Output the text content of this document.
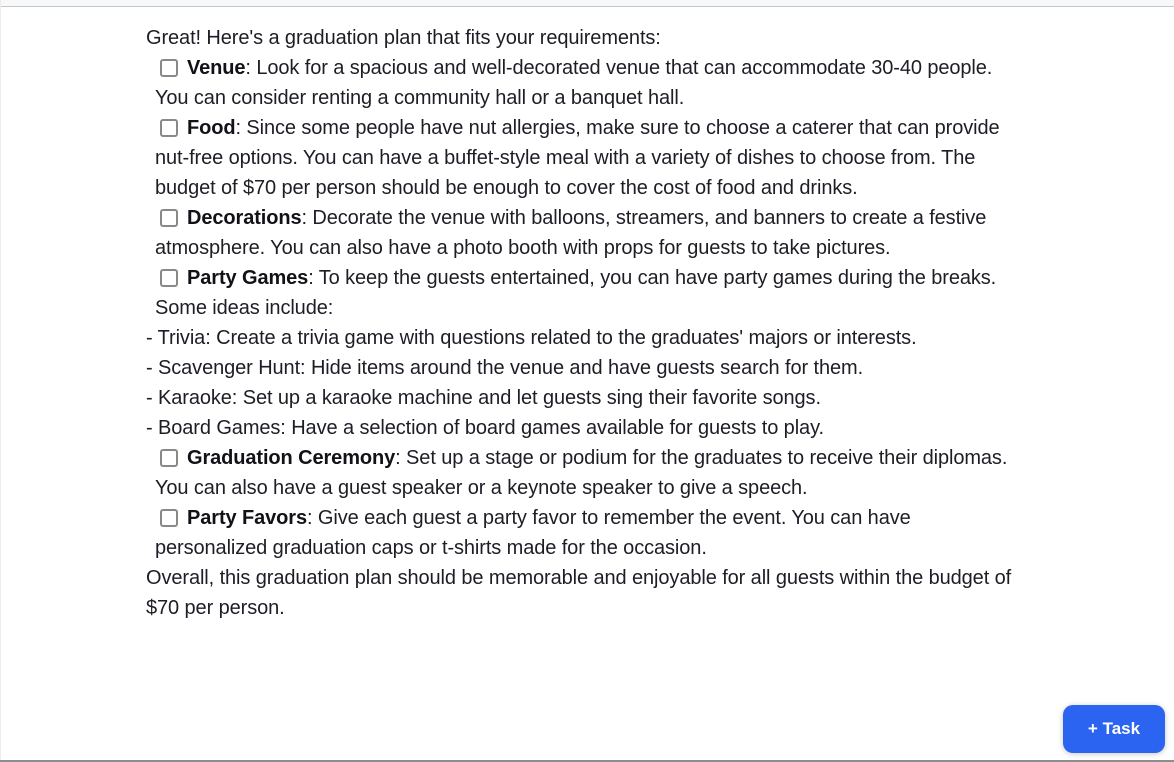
Great! Here's a graduation plan that fits your requirements:

Venue: Look for a spacious and well-decorated venue that can accommodate 30-40 people. You can consider renting a community hall or a banquet hall.
Food: Since some people have nut allergies, make sure to choose a caterer that can provide nut-free options. You can have a buffet-style meal with a variety of dishes to choose from. The budget of $70 per person should be enough to cover the cost of food and drinks.
Decorations: Decorate the venue with balloons, streamers, and banners to create a festive atmosphere. You can also have a photo booth with props for guests to take pictures.
Party Games: To keep the guests entertained, you can have party games during the breaks. Some ideas include:
- Trivia: Create a trivia game with questions related to the graduates' majors or interests.
- Scavenger Hunt: Hide items around the venue and have guests search for them.
- Karaoke: Set up a karaoke machine and let guests sing their favorite songs.
- Board Games: Have a selection of board games available for guests to play.
Graduation Ceremony: Set up a stage or podium for the graduates to receive their diplomas. You can also have a guest speaker or a keynote speaker to give a speech.
Party Favors: Give each guest a party favor to remember the event. You can have personalized graduation caps or t-shirts made for the occasion.

Overall, this graduation plan should be memorable and enjoyable for all guests within the budget of $70 per person.

+ Task
